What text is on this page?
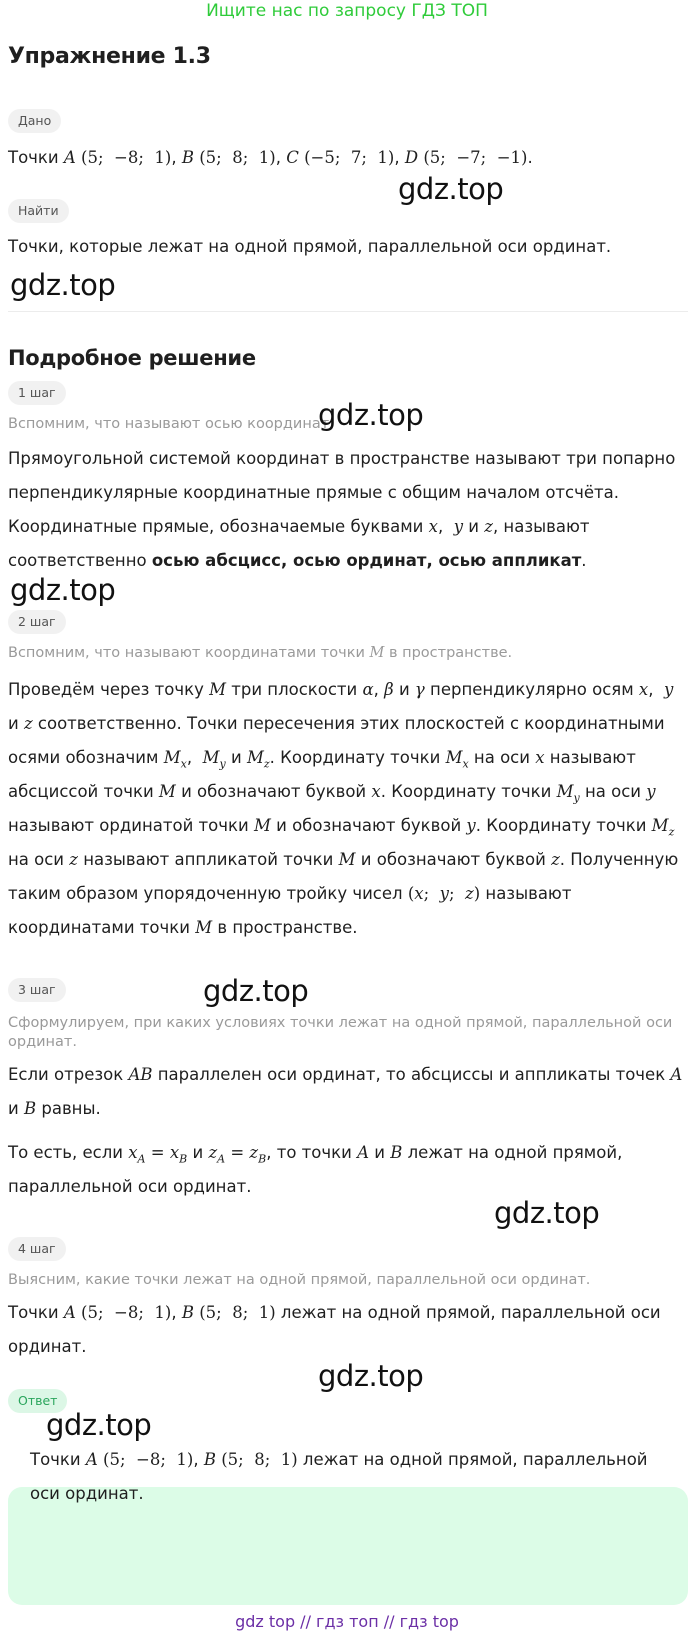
Ищите нас по запросу ГДЗ ТОП
Упражнение 1.3
Дано
Точки A (5;  −8;  1), B (5;  8;  1), C (−5;  7;  1), D (5;  −7;  −1).
gdz.top
Найти
Точки, которые лежат на одной прямой, параллельной оси ординат.
gdz.top
Подробное решение
1 шаг
Вспомним, что называют осью координат.
gdz.top
Прямоугольной системой координат в пространстве называют три попарно
перпендикулярные координатные прямые с общим началом отсчёта.
Координатные прямые, обозначаемые буквами x,  y и z, называют
соответственно осью абсцисс, осью ординат, осью аппликат.
gdz.top
2 шаг
Вспомним, что называют координатами точки M в пространстве.
Проведём через точку M три плоскости α, β и γ перпендикулярно осям x,  y
и z соответственно. Точки пересечения этих плоскостей с координатными
осями обозначим $M_x$,  $M_y$ и $M_z$. Координату точки $M_x$ на оси x называют
абсциссой точки M и обозначают буквой x. Координату точки $M_y$ на оси y
называют ординатой точки M и обозначают буквой y. Координату точки $M_z$
на оси z называют аппликатой точки M и обозначают буквой z. Полученную
таким образом упорядоченную тройку чисел (x;  y;  z) называют
координатами точки M в пространстве.
3 шаг	gdz.top
Сформулируем, при каких условиях точки лежат на одной прямой, параллельной оси ординат.
Если отрезок AB параллелен оси ординат, то абсциссы и аппликаты точек A
и B равны.
То есть, если $x_A = x_B$ и $z_A = z_B$, то точки A и B лежат на одной прямой,
параллельной оси ординат.
gdz.top
4 шаг
Выясним, какие точки лежат на одной прямой, параллельной оси ординат.
Точки A (5;  −8;  1), B (5;  8;  1) лежат на одной прямой, параллельной оси
ординат.
gdz.top
Ответ
gdz.top
Точки A (5;  −8;  1), B (5;  8;  1) лежат на одной прямой, параллельной
оси ординат.
gdz top // гдз топ // гдз top
